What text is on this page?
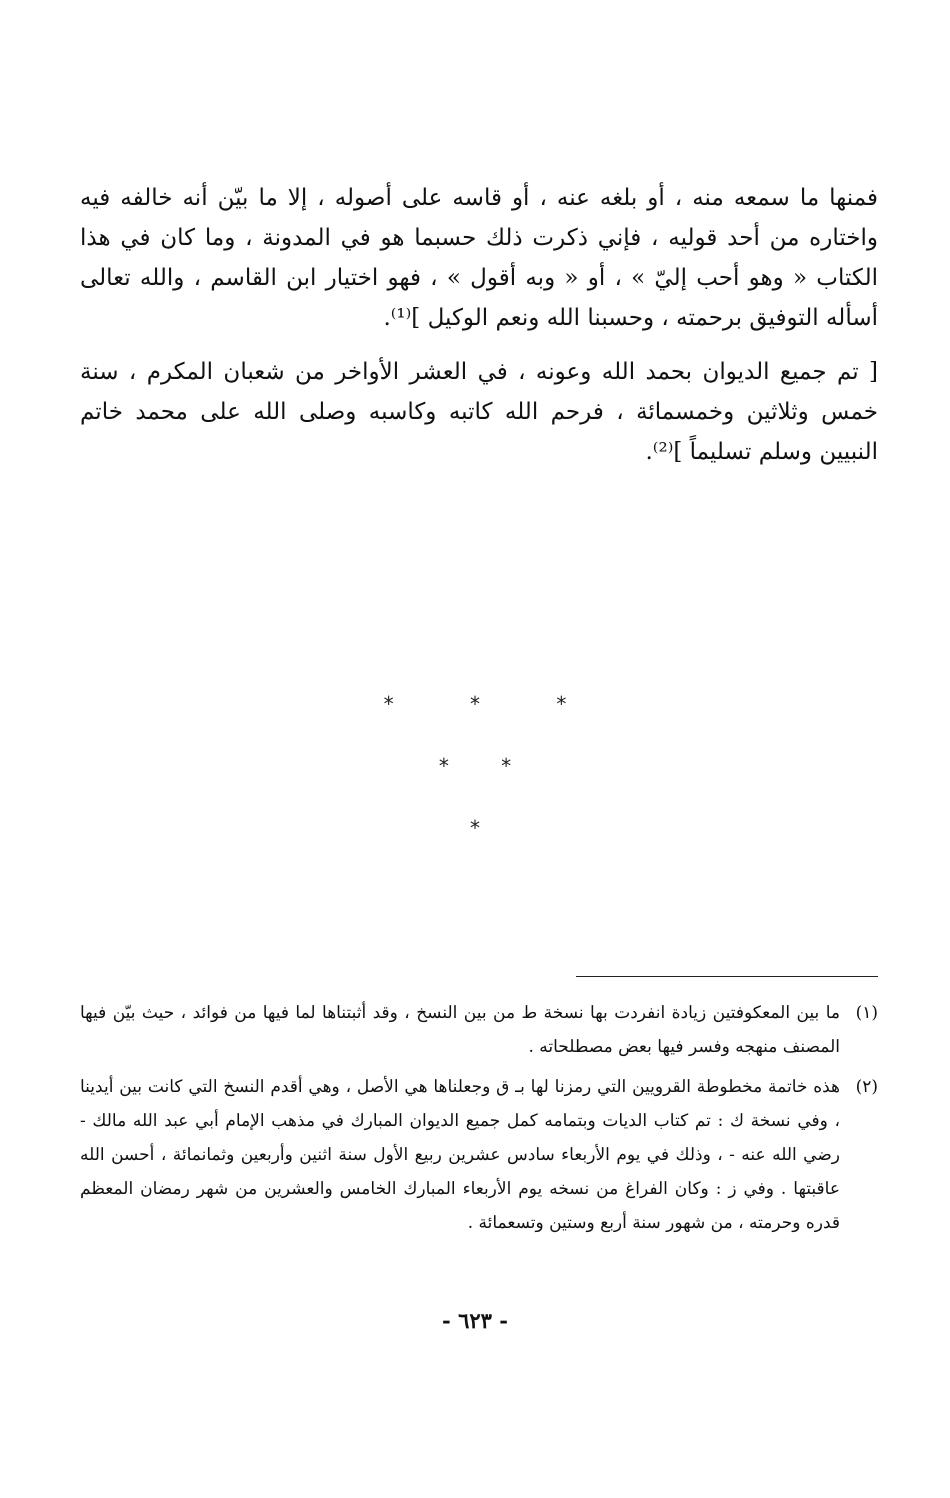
فمنها ما سمعه منه ، أو بلغه عنه ، أو قاسه على أصوله ، إلا ما بيّن أنه خالفه فيه واختاره من أحد قوليه ، فإني ذكرت ذلك حسبما هو في المدونة ، وما كان في هذا الكتاب « وهو أحب إليّ » ، أو « وبه أقول » ، فهو اختيار ابن القاسم ، والله تعالى أسأله التوفيق برحمته ، وحسبنا الله ونعم الوكيل ]⁽¹⁾.

[ تم جميع الديوان بحمد الله وعونه ، في العشر الأواخر من شعبان المكرم ، سنة خمس وثلاثين وخمسمائة ، فرحم الله كاتبه وكاسبه وصلى الله على محمد خاتم النبيين وسلم تسليماً ]⁽²⁾.

*	*	*
*	*
*
(١)
ما بين المعكوفتين زيادة انفردت بها نسخة ط من بين النسخ ، وقد أثبتناها لما فيها من فوائد ، حيث بيّن فيها المصنف منهجه وفسر فيها بعض مصطلحاته .
(٢)
هذه خاتمة مخطوطة القرويين التي رمزنا لها بـ ق وجعلناها هي الأصل ، وهي أقدم النسخ التي كانت بين أيدينا ، وفي نسخة ك : تم كتاب الديات وبتمامه كمل جميع الديوان المبارك في مذهب الإمام أبي عبد الله مالك - رضي الله عنه - ، وذلك في يوم الأربعاء سادس عشرين ربيع الأول سنة اثنين وأربعين وثمانمائة ، أحسن الله عاقبتها . وفي ز : وكان الفراغ من نسخه يوم الأربعاء المبارك الخامس والعشرين من شهر رمضان المعظم قدره وحرمته ، من شهور سنة أربع وستين وتسعمائة .
- ٦٢٣ -
